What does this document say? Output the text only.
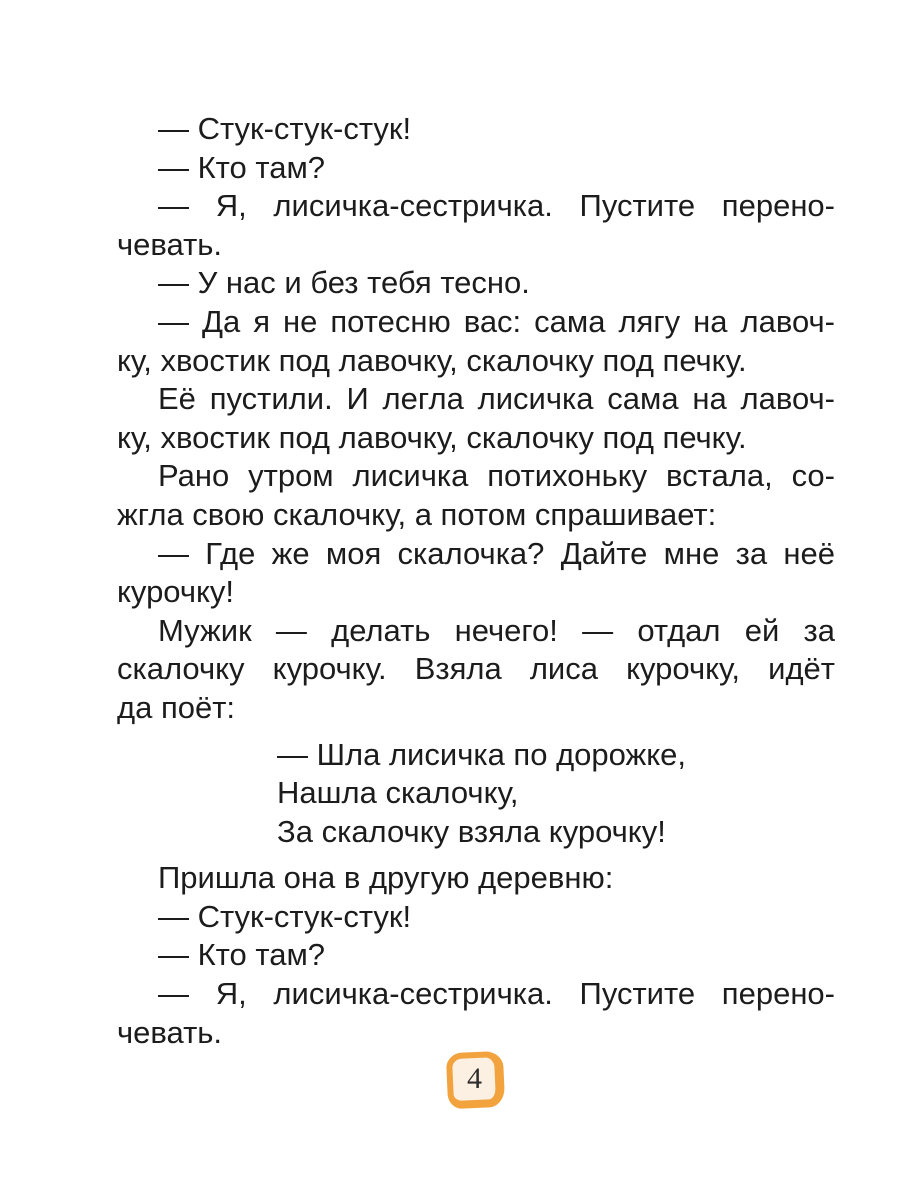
— Стук-стук-стук!
— Кто там?
— Я, лисичка-сестричка. Пустите перено-
чевать.
— У нас и без тебя тесно.
— Да я не потесню вас: сама лягу на лавоч-
ку, хвостик под лавочку, скалочку под печку.
Её пустили. И легла лисичка сама на лавоч-
ку, хвостик под лавочку, скалочку под печку.
Рано утром лисичка потихоньку встала, со-
жгла свою скалочку, а потом спрашивает:
— Где же моя скалочка? Дайте мне за неё
курочку!
Мужик — делать нечего! — отдал ей за
скалочку курочку. Взяла лиса курочку, идёт
да поёт:
— Шла лисичка по дорожке,
Нашла скалочку,
За скалочку взяла курочку!
Пришла она в другую деревню:
— Стук-стук-стук!
— Кто там?
— Я, лисичка-сестричка. Пустите перено-
чевать.
4
